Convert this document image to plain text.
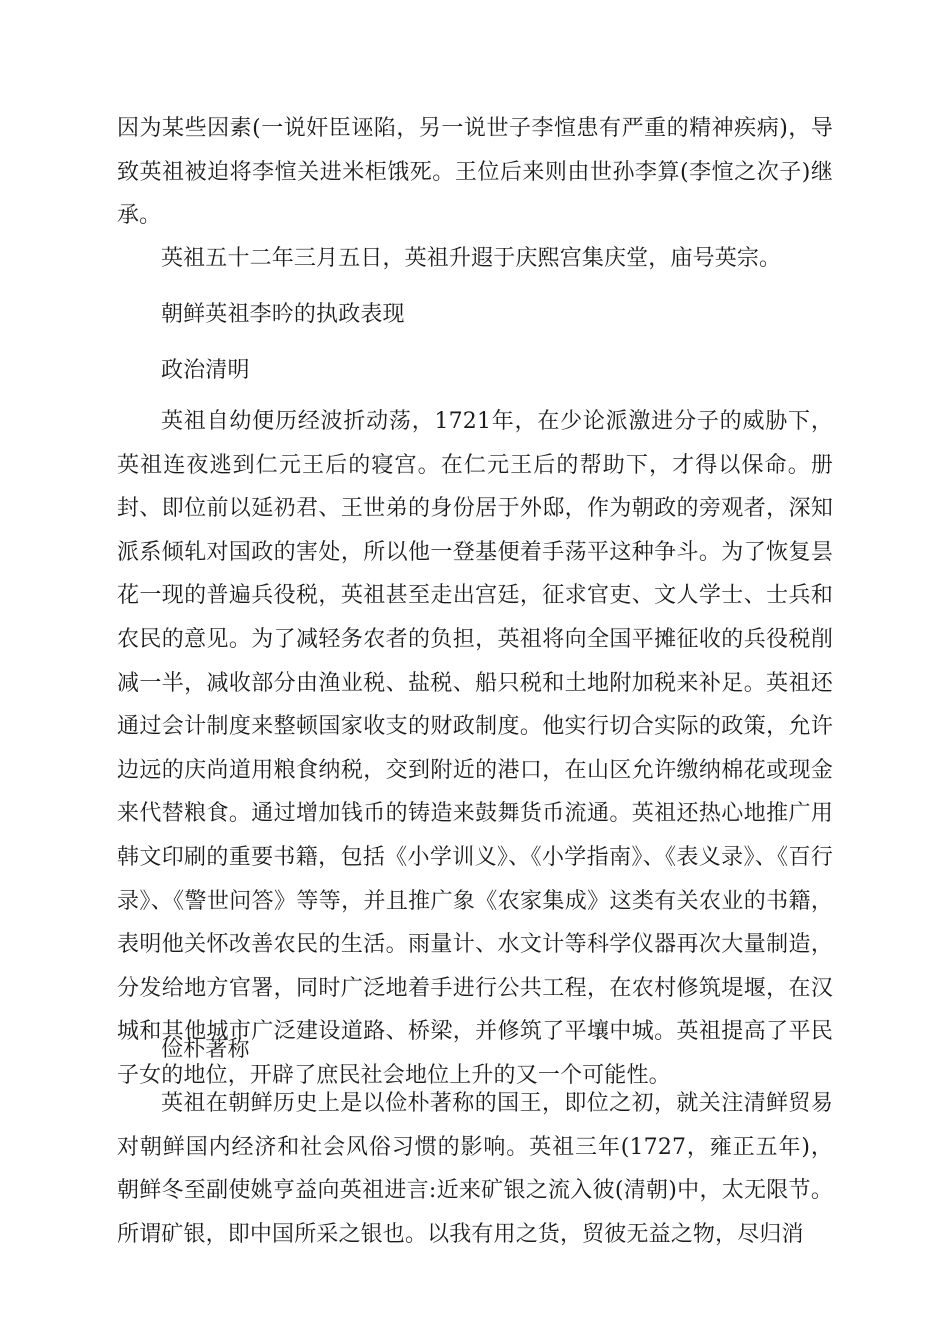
因为某些因素(一说奸臣诬陷，另一说世子李愃患有严重的精神疾病)，导致英祖被迫将李愃关进米柜饿死。王位后来则由世孙李算(李愃之次子)继承。

英祖五十二年三月五日，英祖升遐于庆熙宫集庆堂，庙号英宗。

朝鲜英祖李昑的执政表现

政治清明

英祖自幼便历经波折动荡，1721年，在少论派激进分子的威胁下，英祖连夜逃到仁元王后的寝宫。在仁元王后的帮助下，才得以保命。册封、即位前以延礽君、王世弟的身份居于外邸，作为朝政的旁观者，深知派系倾轧对国政的害处，所以他一登基便着手荡平这种争斗。为了恢复昙花一现的普遍兵役税，英祖甚至走出宫廷，征求官吏、文人学士、士兵和农民的意见。为了减轻务农者的负担，英祖将向全国平摊征收的兵役税削减一半，减收部分由渔业税、盐税、船只税和土地附加税来补足。英祖还通过会计制度来整顿国家收支的财政制度。他实行切合实际的政策，允许边远的庆尚道用粮食纳税，交到附近的港口，在山区允许缴纳棉花或现金来代替粮食。通过增加钱币的铸造来鼓舞货币流通。英祖还热心地推广用韩文印刷的重要书籍，包括《小学训义》、《小学指南》、《表义录》、《百行录》、《警世问答》等等，并且推广象《农家集成》这类有关农业的书籍，表明他关怀改善农民的生活。雨量计、水文计等科学仪器再次大量制造，分发给地方官署，同时广泛地着手进行公共工程，在农村修筑堤堰，在汉城和其他城市广泛建设道路、桥梁，并修筑了平壤中城。英祖提高了平民子女的地位，开辟了庶民社会地位上升的又一个可能性。

俭朴著称

英祖在朝鲜历史上是以俭朴著称的国王，即位之初，就关注清鲜贸易对朝鲜国内经济和社会风俗习惯的影响。英祖三年(1727，雍正五年)，朝鲜冬至副使姚亨益向英祖进言:近来矿银之流入彼(清朝)中，太无限节。所谓矿银，即中国所采之银也。以我有用之货，贸彼无益之物，尽归消
